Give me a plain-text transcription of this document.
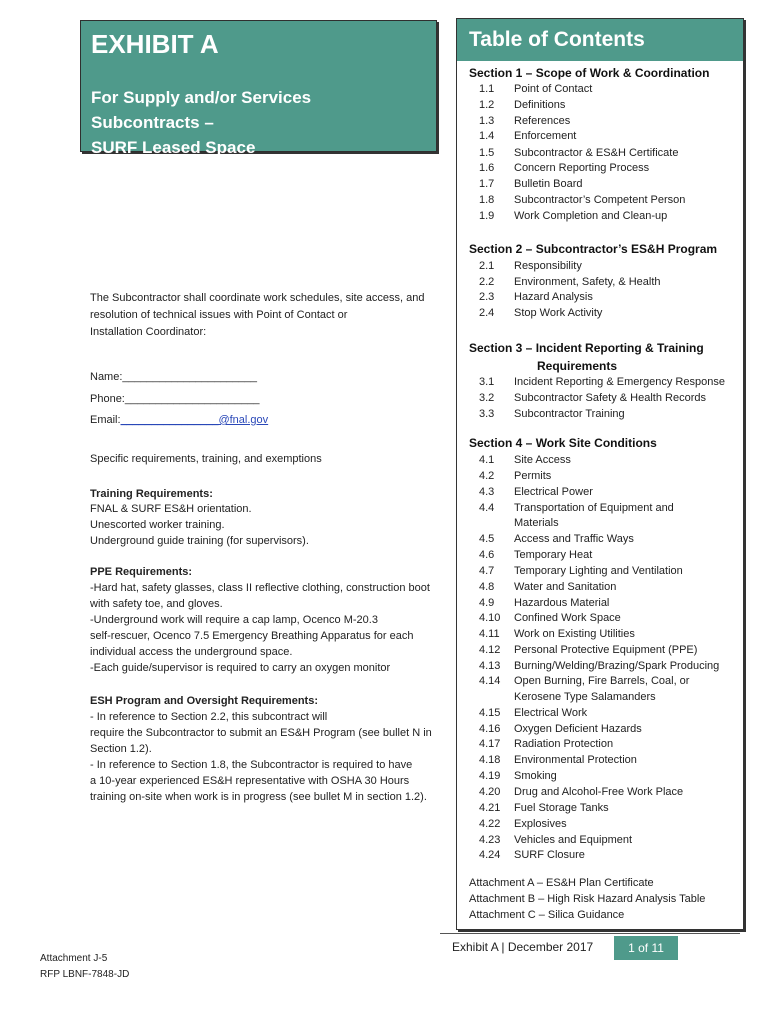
EXHIBIT A
For Supply and/or Services
Subcontracts –
SURF Leased Space
The Subcontractor shall coordinate work schedules, site access, and
resolution of technical issues with Point of Contact or
Installation Coordinator:
Name:______________________
Phone:______________________
Email:________________@fnal.gov
Specific requirements, training, and exemptions
Training Requirements:
FNAL & SURF ES&H orientation.
Unescorted worker training.
Underground guide training (for supervisors).
PPE Requirements:
-Hard hat, safety glasses, class II reflective clothing, construction boot
with safety toe, and gloves.
-Underground work will require a cap lamp, Ocenco M-20.3
self-rescuer, Ocenco 7.5 Emergency Breathing Apparatus for each
individual access the underground space.
-Each guide/supervisor is required to carry an oxygen monitor
ESH Program and Oversight Requirements:
- In reference to Section 2.2, this subcontract will
require the Subcontractor to submit an ES&H Program (see bullet N in
Section 1.2).
- In reference to Section 1.8, the Subcontractor is required to have
a 10-year experienced ES&H representative with OSHA 30 Hours
training on-site when work is in progress (see bullet M in section 1.2).
Table of Contents
Section 1 – Scope of Work & Coordination
1.1 Point of Contact
1.2 Definitions
1.3 References
1.4 Enforcement
1.5 Subcontractor & ES&H Certificate
1.6 Concern Reporting Process
1.7 Bulletin Board
1.8 Subcontractor’s Competent Person
1.9 Work Completion and Clean-up
Section 2 – Subcontractor’s ES&H Program
2.1 Responsibility
2.2 Environment, Safety, & Health
2.3 Hazard Analysis
2.4 Stop Work Activity
Section 3 – Incident Reporting & Training
Requirements
3.1 Incident Reporting & Emergency Response
3.2 Subcontractor Safety & Health Records
3.3 Subcontractor Training
Section 4 – Work Site Conditions
4.1 Site Access
4.2 Permits
4.3 Electrical Power
4.4 Transportation of Equipment and
Materials
4.5 Access and Traffic Ways
4.6 Temporary Heat
4.7 Temporary Lighting and Ventilation
4.8 Water and Sanitation
4.9 Hazardous Material
4.10 Confined Work Space
4.11 Work on Existing Utilities
4.12 Personal Protective Equipment (PPE)
4.13 Burning/Welding/Brazing/Spark Producing
4.14 Open Burning, Fire Barrels, Coal, or
Kerosene Type Salamanders
4.15 Electrical Work
4.16 Oxygen Deficient Hazards
4.17 Radiation Protection
4.18 Environmental Protection
4.19 Smoking
4.20 Drug and Alcohol-Free Work Place
4.21 Fuel Storage Tanks
4.22 Explosives
4.23 Vehicles and Equipment
4.24 SURF Closure
Attachment A – ES&H Plan Certificate
Attachment B – High Risk Hazard Analysis Table
Attachment C – Silica Guidance
Exhibit A | December 2017	1 of 11
Attachment J-5
RFP LBNF-7848-JD
